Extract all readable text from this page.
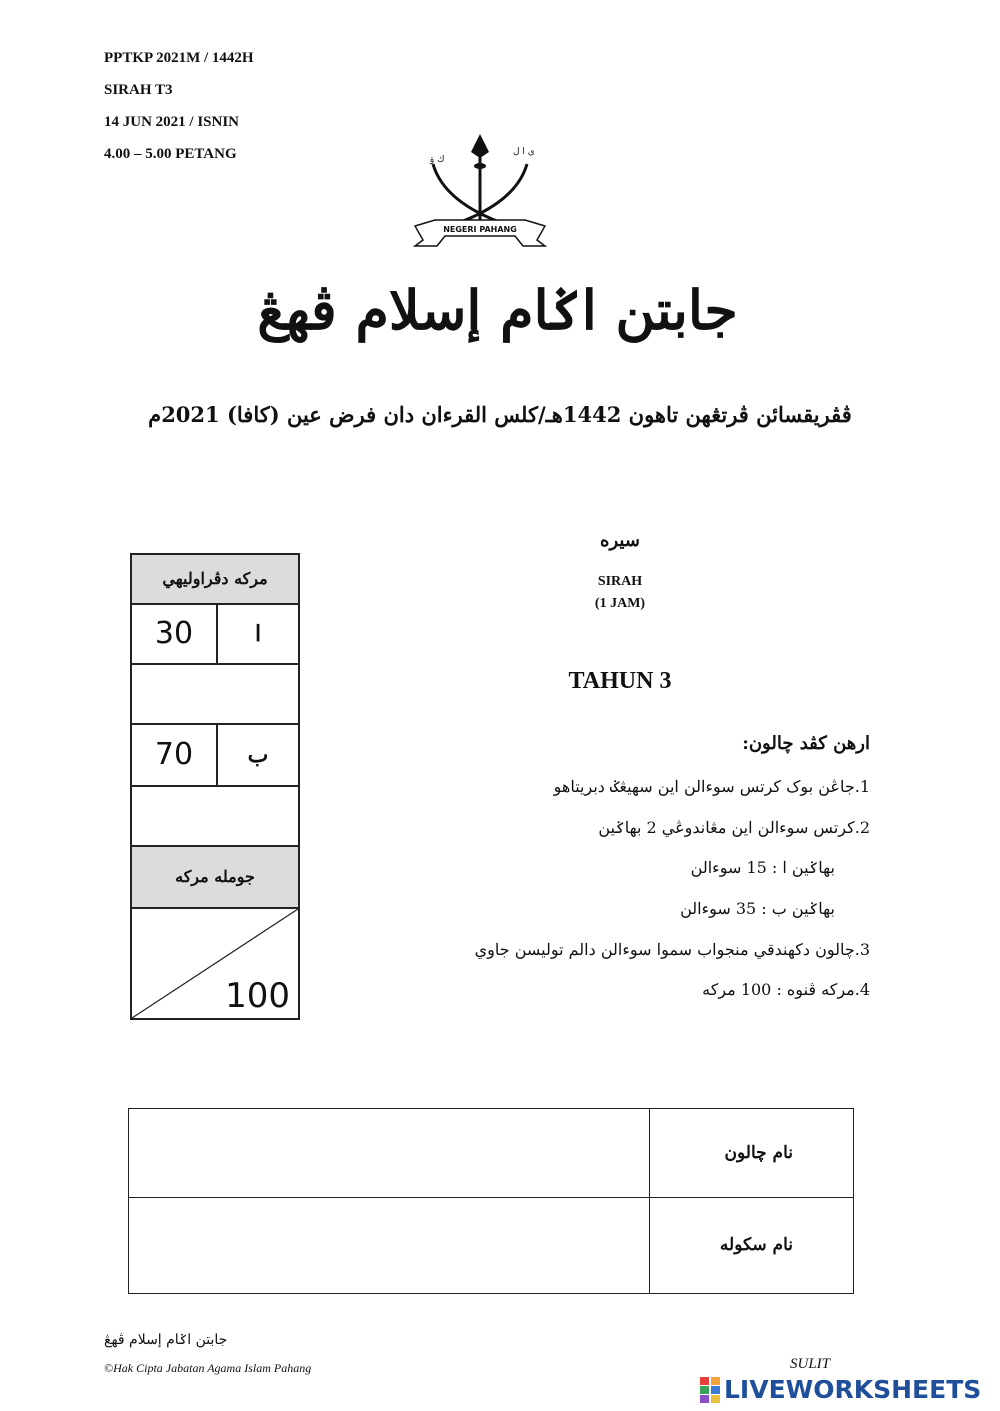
PPTKP 2021M / 1442H
SIRAH T3
14 JUN 2021 / ISNIN
4.00 – 5.00 PETANG	ك ۏ
ي ا ل
NEGERI PAHANG
جابتن اݢام إسلام ڤهڠ
ڤڤريقسائن ڤرتڠهن تاهون 1442هـ/كلس القرءان دان فرض عين (كافا) 2021م
سيره
SIRAH
(1 JAM)
TAHUN 3
ارهن كڤد چالون:
1.جاڠن بوک کرتس سوءالن اين سهيڠݢ دبريتاهو
2.کرتس سوءالن اين مڠاندوڠي 2 بهاݢين
بهاݢين ا : 15 سوءالن
بهاݢين ب : 35 سوءالن
3.چالون دکهندقي منجواب سموا سوءالن دالم توليسن جاوي
4.مرکه ڤنوه : 100 مرکه
مرکه دڤراوليهي
30	ا
70	ب
جومله مرکه
100
نام چالون
نام سکوله
جابتن اݢام إسلام ڤهڠ
©Hak Cipta Jabatan Agama Islam Pahang	SULIT
LIVEWORKSHEETS
